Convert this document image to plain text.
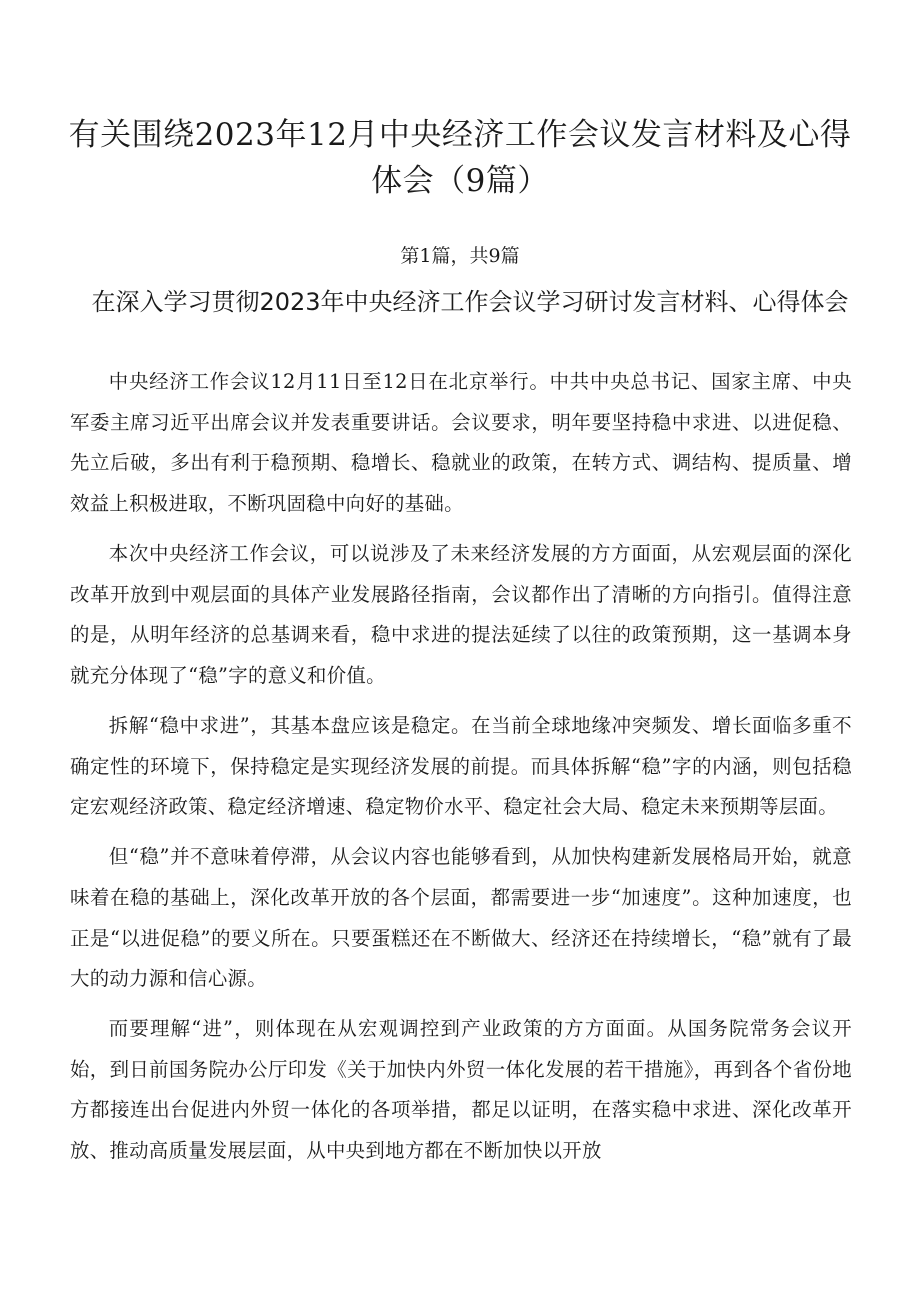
有关围绕2023年12月中央经济工作会议发言材料及心得体会（9篇）
第1篇，共9篇
在深入学习贯彻2023年中央经济工作会议学习研讨发言材料、心得体会

中央经济工作会议12月11日至12日在北京举行。中共中央总书记、国家主席、中央军委主席习近平出席会议并发表重要讲话。会议要求，明年要坚持稳中求进、以进促稳、先立后破，多出有利于稳预期、稳增长、稳就业的政策，在转方式、调结构、提质量、增效益上积极进取，不断巩固稳中向好的基础。

本次中央经济工作会议，可以说涉及了未来经济发展的方方面面，从宏观层面的深化改革开放到中观层面的具体产业发展路径指南，会议都作出了清晰的方向指引。值得注意的是，从明年经济的总基调来看，稳中求进的提法延续了以往的政策预期，这一基调本身就充分体现了“稳”字的意义和价值。

拆解“稳中求进”，其基本盘应该是稳定。在当前全球地缘冲突频发、增长面临多重不确定性的环境下，保持稳定是实现经济发展的前提。而具体拆解“稳”字的内涵，则包括稳定宏观经济政策、稳定经济增速、稳定物价水平、稳定社会大局、稳定未来预期等层面。

但“稳”并不意味着停滞，从会议内容也能够看到，从加快构建新发展格局开始，就意味着在稳的基础上，深化改革开放的各个层面，都需要进一步“加速度”。这种加速度，也正是“以进促稳”的要义所在。只要蛋糕还在不断做大、经济还在持续增长，“稳”就有了最大的动力源和信心源。

而要理解“进”，则体现在从宏观调控到产业政策的方方面面。从国务院常务会议开始，到日前国务院办公厅印发《关于加快内外贸一体化发展的若干措施》，再到各个省份地方都接连出台促进内外贸一体化的各项举措，都足以证明，在落实稳中求进、深化改革开放、推动高质量发展层面，从中央到地方都在不断加快以开放
